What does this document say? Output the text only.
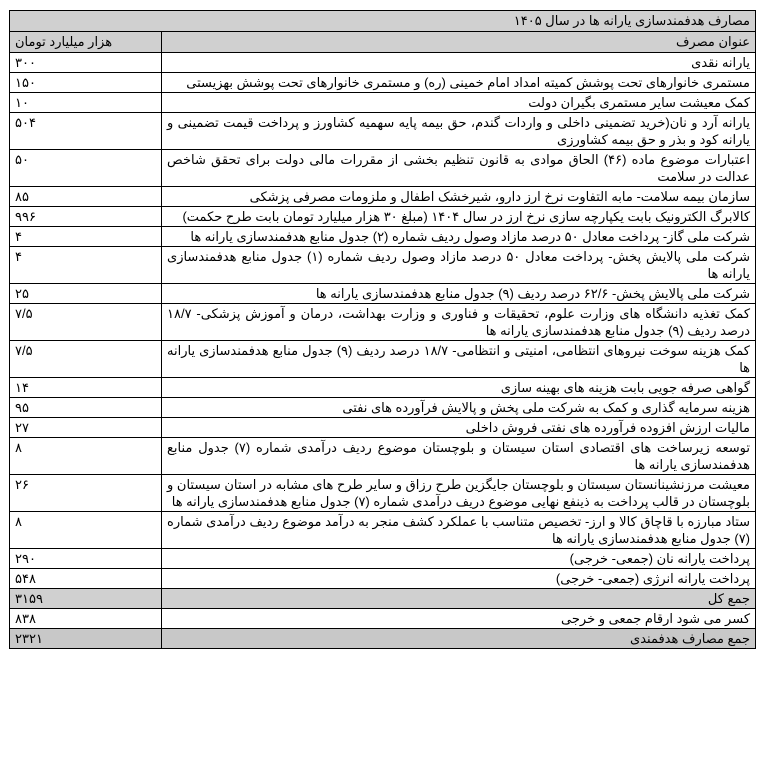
مصارف هدفمندسازی یارانه ها در سال ۱۴۰۵	
عنوان مصرف	هزار میلیارد تومان
یارانه نقدی	۳۰۰
مستمری خانوارهای تحت پوشش کمیته امداد امام خمینی (ره) و مستمری خانوارهای تحت پوشش بهزیستی	۱۵۰
کمک معیشت سایر مستمری بگیران دولت	۱۰
یارانه آرد و نان(خرید تضمینی داخلی و واردات گندم، حق بیمه پایه سهمیه کشاورز و پرداخت قیمت تضمینی و یارانه کود و بذر و حق بیمه کشاورزی	۵۰۴
اعتبارات موضوع ماده (۴۶) الحاق موادی به قانون تنظیم بخشی از مقررات مالی دولت برای تحقق شاخص عدالت در سلامت	۵۰
سازمان بیمه سلامت- مابه التفاوت نرخ ارز دارو، شیرخشک اطفال و ملزومات مصرفی پزشکی	۸۵
کالابرگ الکترونیک بابت یکپارچه سازی نرخ ارز در سال ۱۴۰۴ (مبلغ ۳۰ هزار میلیارد تومان بابت طرح حکمت)	۹۹۶
شرکت ملی گاز- پرداخت معادل ۵۰ درصد مازاد وصول ردیف شماره (۲) جدول منابع هدفمندسازی یارانه ها	۴
شرکت ملی پالایش پخش- پرداخت معادل ۵۰ درصد مازاد وصول ردیف شماره (۱) جدول منابع هدفمندسازی یارانه ها	۴
شرکت ملی پالایش پخش- ۶۲/۶ درصد ردیف (۹) جدول منابع هدفمندسازی یارانه ها	۲۵
کمک تغذیه دانشگاه های وزارت علوم، تحقیقات و فناوری و وزارت بهداشت، درمان و آموزش پزشکی- ۱۸/۷ درصد ردیف (۹) جدول منابع هدفمندسازی یارانه ها	۷/۵
کمک هزینه سوخت نیروهای انتظامی، امنیتی و انتظامی- ۱۸/۷ درصد ردیف (۹) جدول منابع هدفمندسازی یارانه ها	۷/۵
گواهی صرفه جویی بابت هزینه های بهینه سازی	۱۴
هزینه سرمایه گذاری و کمک به شرکت ملی پخش و پالایش فرآورده های نفتی	۹۵
مالیات ارزش افزوده فرآورده های نفتی فروش داخلی	۲۷
توسعه زیرساخت های اقتصادی استان سیستان و بلوچستان موضوع ردیف درآمدی شماره (۷) جدول منابع هدفمندسازی یارانه ها	۸
معیشت مرزنشینانستان سیستان و بلوچستان جایگزین طرح رزاق و سایر طرح های مشابه در استان سیستان و بلوچستان در قالب پرداخت به ذینفع نهایی موضوع دریف درآمدی شماره (۷) جدول منابع هدفمندسازی یارانه ها	۲۶
ستاد مبارزه با قاچاق کالا و ارز- تخصیص متناسب با عملکرد کشف منجر به درآمد موضوع ردیف درآمدی شماره (۷) جدول منابع هدفمندسازی یارانه ها	۸
پرداخت یارانه نان (جمعی- خرجی)	۲۹۰
پرداخت یارانه انرژی (جمعی- خرجی)	۵۴۸
جمع کل	۳۱۵۹
کسر می شود ارقام جمعی و خرجی	۸۳۸
جمع مصارف هدفمندی	۲۳۲۱
